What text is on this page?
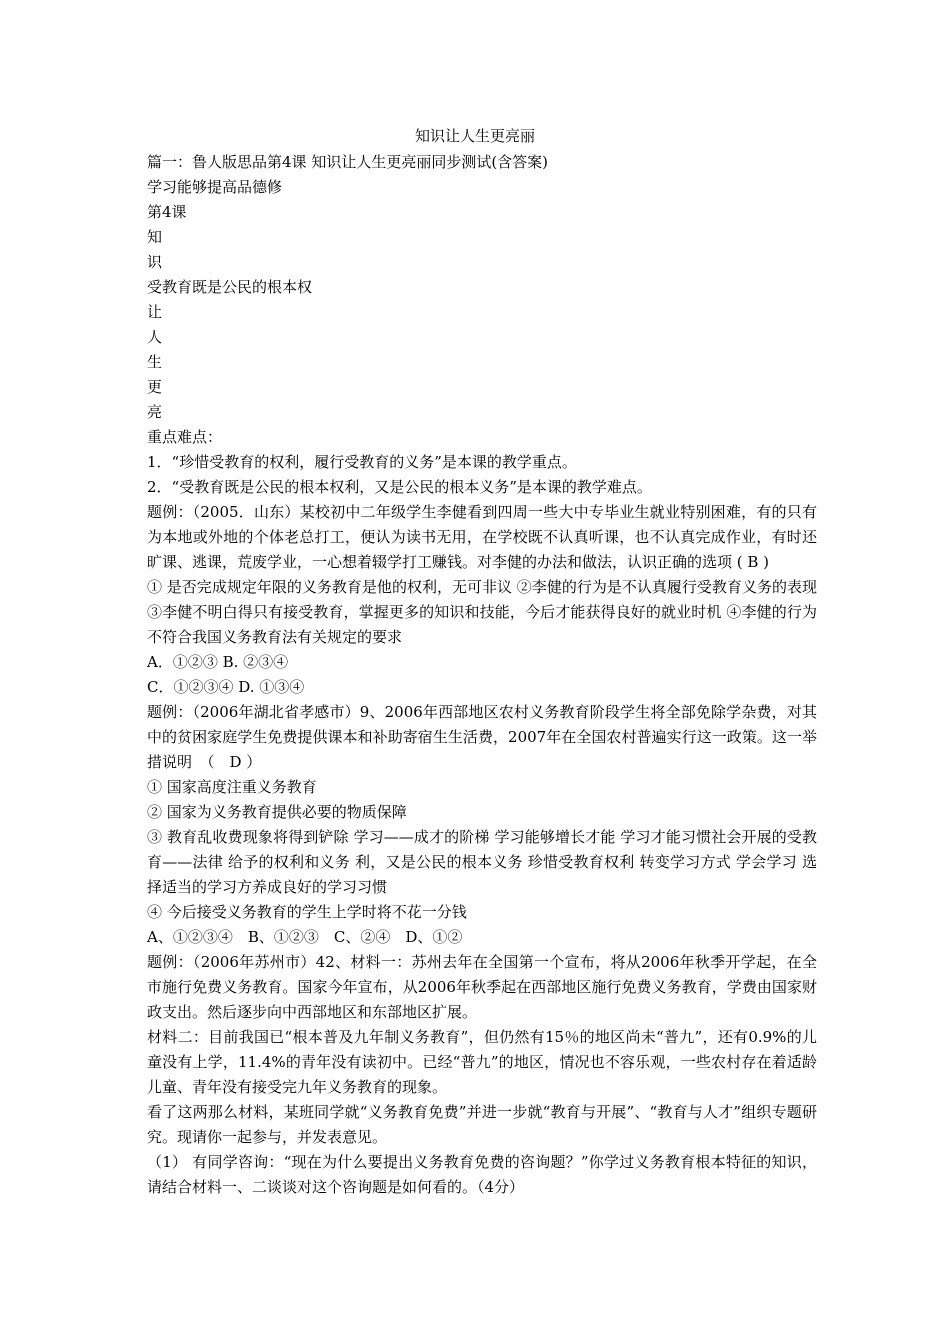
知识让人生更亮丽

篇一：鲁人版思品第4课 知识让人生更亮丽同步测试(含答案)

学习能够提高品德修

第4课

知

识

受教育既是公民的根本权

让

人

生

更

亮

重点难点：

1．“珍惜受教育的权利，履行受教育的义务”是本课的教学重点。

2．“受教育既是公民的根本权利，又是公民的根本义务”是本课的教学难点。

题例：（2005．山东）某校初中二年级学生李健看到四周一些大中专毕业生就业特别困难，有的只有为本地或外地的个体老总打工，便认为读书无用，在学校既不认真听课，也不认真完成作业，有时还旷课、逃课，荒废学业，一心想着辍学打工赚钱。对李健的办法和做法，认识正确的选项 ( B )

① 是否完成规定年限的义务教育是他的权利，无可非议 ②李健的行为是不认真履行受教育义务的表现 ③李健不明白得只有接受教育，掌握更多的知识和技能，今后才能获得良好的就业时机 ④李健的行为不符合我国义务教育法有关规定的要求

A．①②③ B. ②③④

C．①②③④ D. ①③④

题例：（2006年湖北省孝感市）9、2006年西部地区农村义务教育阶段学生将全部免除学杂费，对其中的贫困家庭学生免费提供课本和补助寄宿生生活费，2007年在全国农村普遍实行这一政策。这一举措说明　（　D ）

① 国家高度注重义务教育

② 国家为义务教育提供必要的物质保障

③ 教育乱收费现象将得到铲除 学习——成才的阶梯 学习能够增长才能 学习才能习惯社会开展的受教育——法律 给予的权利和义务 利，又是公民的根本义务 珍惜受教育权利 转变学习方式 学会学习 选择适当的学习方养成良好的学习习惯

④ 今后接受义务教育的学生上学时将不花一分钱

A、①②③④　B、①②③　C、②④　D、①②

题例：（2006年苏州市）42、材料一：苏州去年在全国第一个宣布，将从2006年秋季开学起，在全市施行免费义务教育。国家今年宣布，从2006年秋季起在西部地区施行免费义务教育，学费由国家财政支出。然后逐步向中西部地区和东部地区扩展。

材料二：目前我国已“根本普及九年制义务教育”，但仍然有15％的地区尚未“普九”，还有0.9%的儿童没有上学，11.4%的青年没有读初中。已经“普九”的地区，情况也不容乐观，一些农村存在着适龄儿童、青年没有接受完九年义务教育的现象。

看了这两那么材料，某班同学就“义务教育免费”并进一步就“教育与开展”、“教育与人才”组织专题研究。现请你一起参与，并发表意见。

（1） 有同学咨询：“现在为什么要提出义务教育免费的咨询题？”你学过义务教育根本特征的知识，请结合材料一、二谈谈对这个咨询题是如何看的。（4分）
